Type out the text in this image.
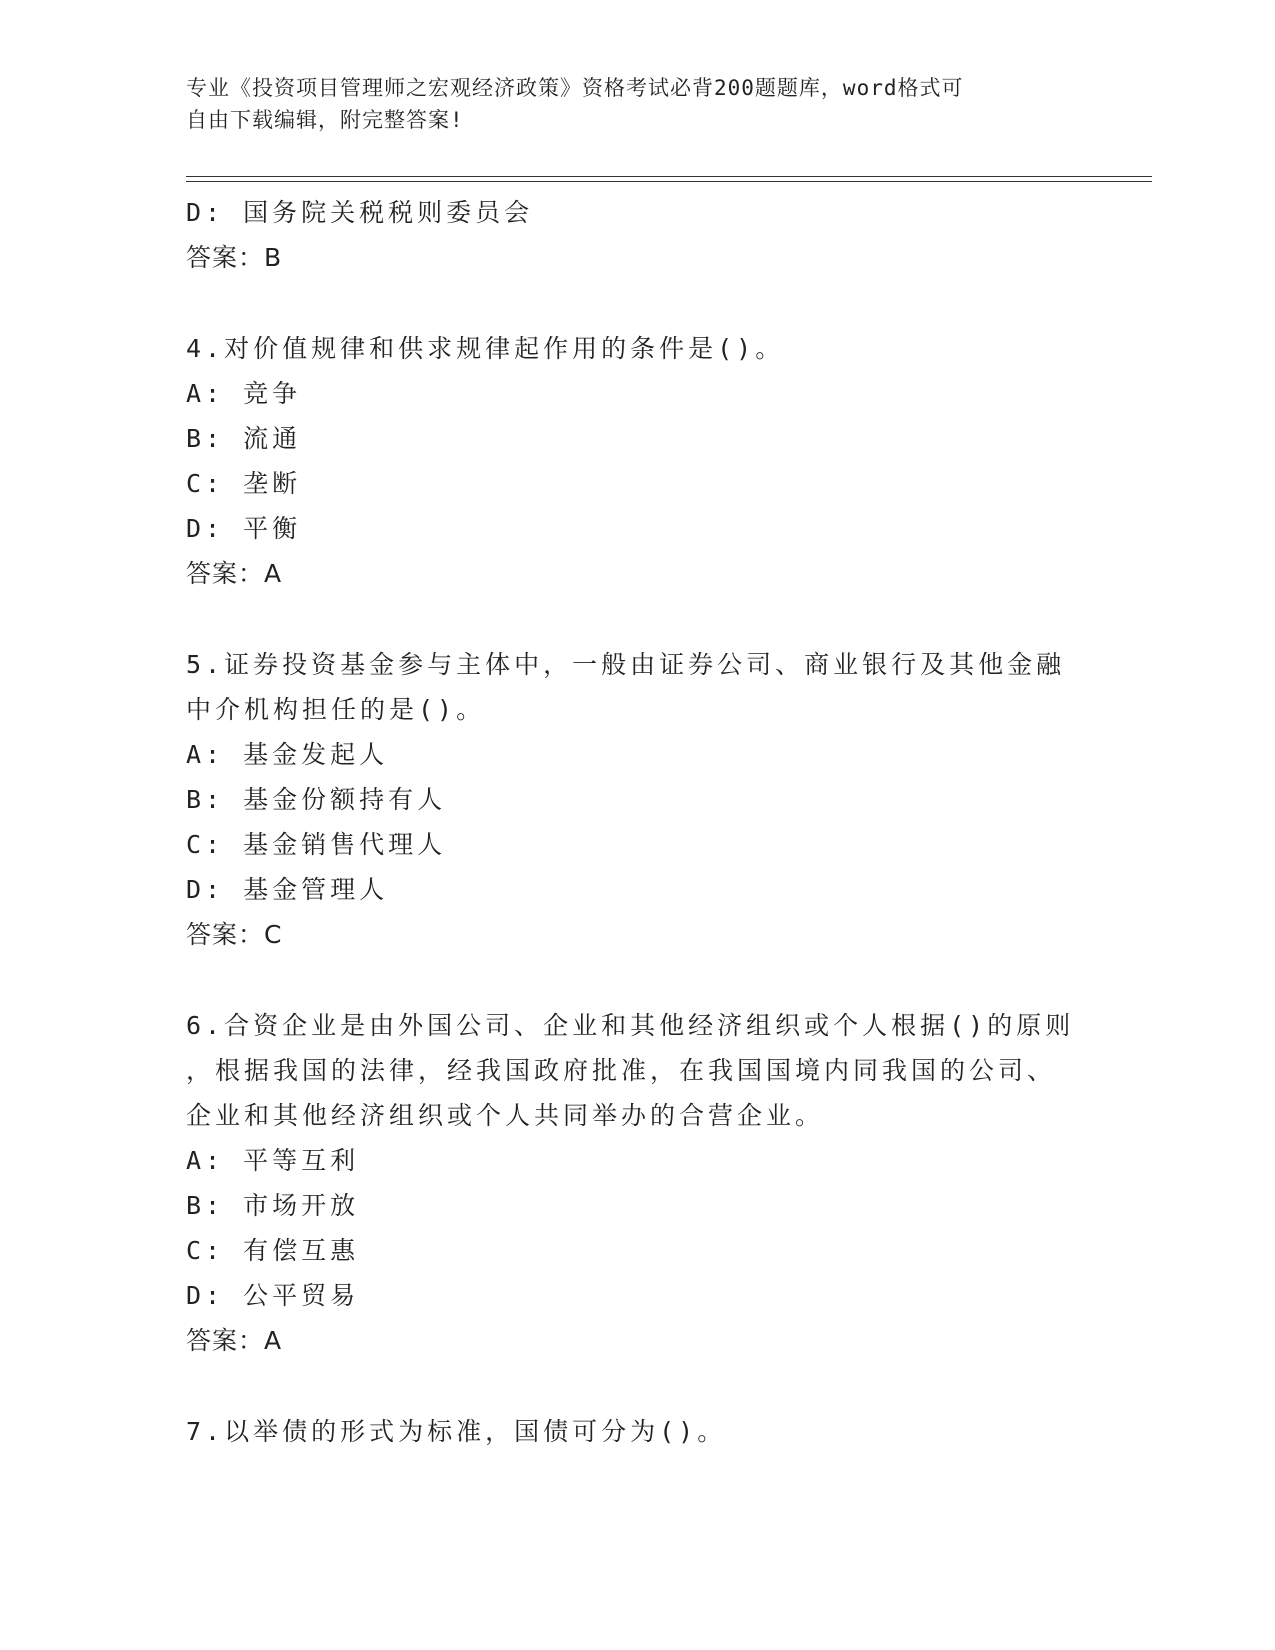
专业《投资项目管理师之宏观经济政策》资格考试必背200题题库，word格式可
自由下载编辑，附完整答案!
D: 国务院关税税则委员会
答案：B
4.对价值规律和供求规律起作用的条件是()。
A: 竞争
B: 流通
C: 垄断
D: 平衡
答案：A
5.证券投资基金参与主体中，一般由证券公司、商业银行及其他金融
中介机构担任的是()。
A: 基金发起人
B: 基金份额持有人
C: 基金销售代理人
D: 基金管理人
答案：C
6.合资企业是由外国公司、企业和其他经济组织或个人根据()的原则
，根据我国的法律，经我国政府批准，在我国国境内同我国的公司、
企业和其他经济组织或个人共同举办的合营企业。
A: 平等互利
B: 市场开放
C: 有偿互惠
D: 公平贸易
答案：A
7.以举债的形式为标准，国债可分为()。
